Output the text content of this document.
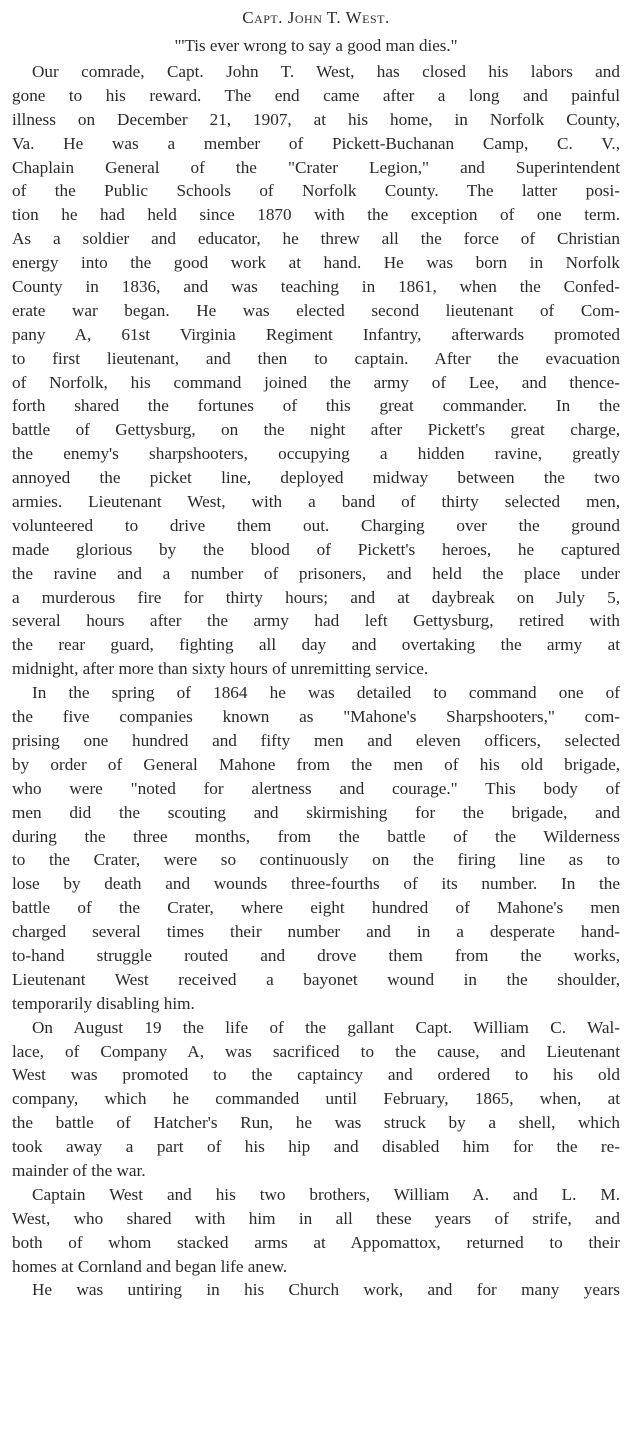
Capt. John T. West.
"'Tis ever wrong to say a good man dies."
Our comrade, Capt. John T. West, has closed his labors and
gone to his reward. The end came after a long and painful
illness on December 21, 1907, at his home, in Norfolk County,
Va. He was a member of Pickett-Buchanan Camp, C. V.,
Chaplain General of the "Crater Legion," and Superintendent
of the Public Schools of Norfolk County. The latter posi-
tion he had held since 1870 with the exception of one term.
As a soldier and educator, he threw all the force of Christian
energy into the good work at hand. He was born in Norfolk
County in 1836, and was teaching in 1861, when the Confed-
erate war began. He was elected second lieutenant of Com-
pany A, 61st Virginia Regiment Infantry, afterwards promoted
to first lieutenant, and then to captain. After the evacuation
of Norfolk, his command joined the army of Lee, and thence-
forth shared the fortunes of this great commander. In the
battle of Gettysburg, on the night after Pickett's great charge,
the enemy's sharpshooters, occupying a hidden ravine, greatly
annoyed the picket line, deployed midway between the two
armies. Lieutenant West, with a band of thirty selected men,
volunteered to drive them out. Charging over the ground
made glorious by the blood of Pickett's heroes, he captured
the ravine and a number of prisoners, and held the place under
a murderous fire for thirty hours; and at daybreak on July 5,
several hours after the army had left Gettysburg, retired with
the rear guard, fighting all day and overtaking the army at
midnight, after more than sixty hours of unremitting service.
In the spring of 1864 he was detailed to command one of
the five companies known as "Mahone's Sharpshooters," com-
prising one hundred and fifty men and eleven officers, selected
by order of General Mahone from the men of his old brigade,
who were "noted for alertness and courage." This body of
men did the scouting and skirmishing for the brigade, and
during the three months, from the battle of the Wilderness
to the Crater, were so continuously on the firing line as to
lose by death and wounds three-fourths of its number. In the
battle of the Crater, where eight hundred of Mahone's men
charged several times their number and in a desperate hand-
to-hand struggle routed and drove them from the works,
Lieutenant West received a bayonet wound in the shoulder,
temporarily disabling him.
On August 19 the life of the gallant Capt. William C. Wal-
lace, of Company A, was sacrificed to the cause, and Lieutenant
West was promoted to the captaincy and ordered to his old
company, which he commanded until February, 1865, when, at
the battle of Hatcher's Run, he was struck by a shell, which
took away a part of his hip and disabled him for the re-
mainder of the war.
Captain West and his two brothers, William A. and L. M.
West, who shared with him in all these years of strife, and
both of whom stacked arms at Appomattox, returned to their
homes at Cornland and began life anew.
He was untiring in his Church work, and for many years
